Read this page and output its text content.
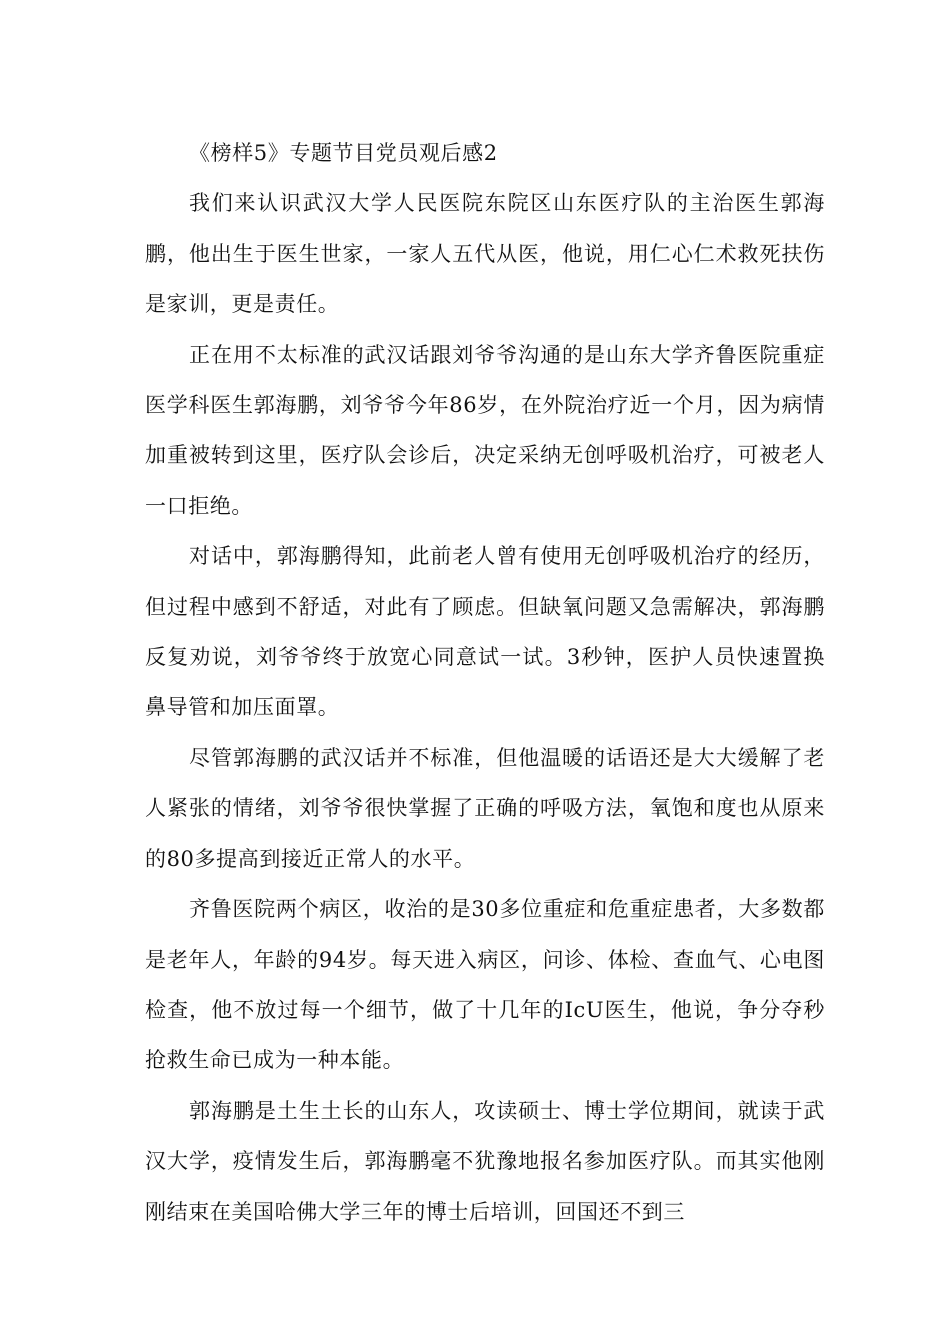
《榜样5》专题节目党员观后感2

我们来认识武汉大学人民医院东院区山东医疗队的主治医生郭海鹏，他出生于医生世家，一家人五代从医，他说，用仁心仁术救死扶伤是家训，更是责任。

正在用不太标准的武汉话跟刘爷爷沟通的是山东大学齐鲁医院重症医学科医生郭海鹏，刘爷爷今年86岁，在外院治疗近一个月，因为病情加重被转到这里，医疗队会诊后，决定采纳无创呼吸机治疗，可被老人一口拒绝。

对话中，郭海鹏得知，此前老人曾有使用无创呼吸机治疗的经历，但过程中感到不舒适，对此有了顾虑。但缺氧问题又急需解决，郭海鹏反复劝说，刘爷爷终于放宽心同意试一试。3秒钟，医护人员快速置换鼻导管和加压面罩。

尽管郭海鹏的武汉话并不标准，但他温暖的话语还是大大缓解了老人紧张的情绪，刘爷爷很快掌握了正确的呼吸方法，氧饱和度也从原来的80多提高到接近正常人的水平。

齐鲁医院两个病区，收治的是30多位重症和危重症患者，大多数都是老年人，年龄的94岁。每天进入病区，问诊、体检、查血气、心电图检查，他不放过每一个细节，做了十几年的IcU医生，他说，争分夺秒抢救生命已成为一种本能。

郭海鹏是土生土长的山东人，攻读硕士、博士学位期间，就读于武汉大学，疫情发生后，郭海鹏毫不犹豫地报名参加医疗队。而其实他刚刚结束在美国哈佛大学三年的博士后培训，回国还不到三
